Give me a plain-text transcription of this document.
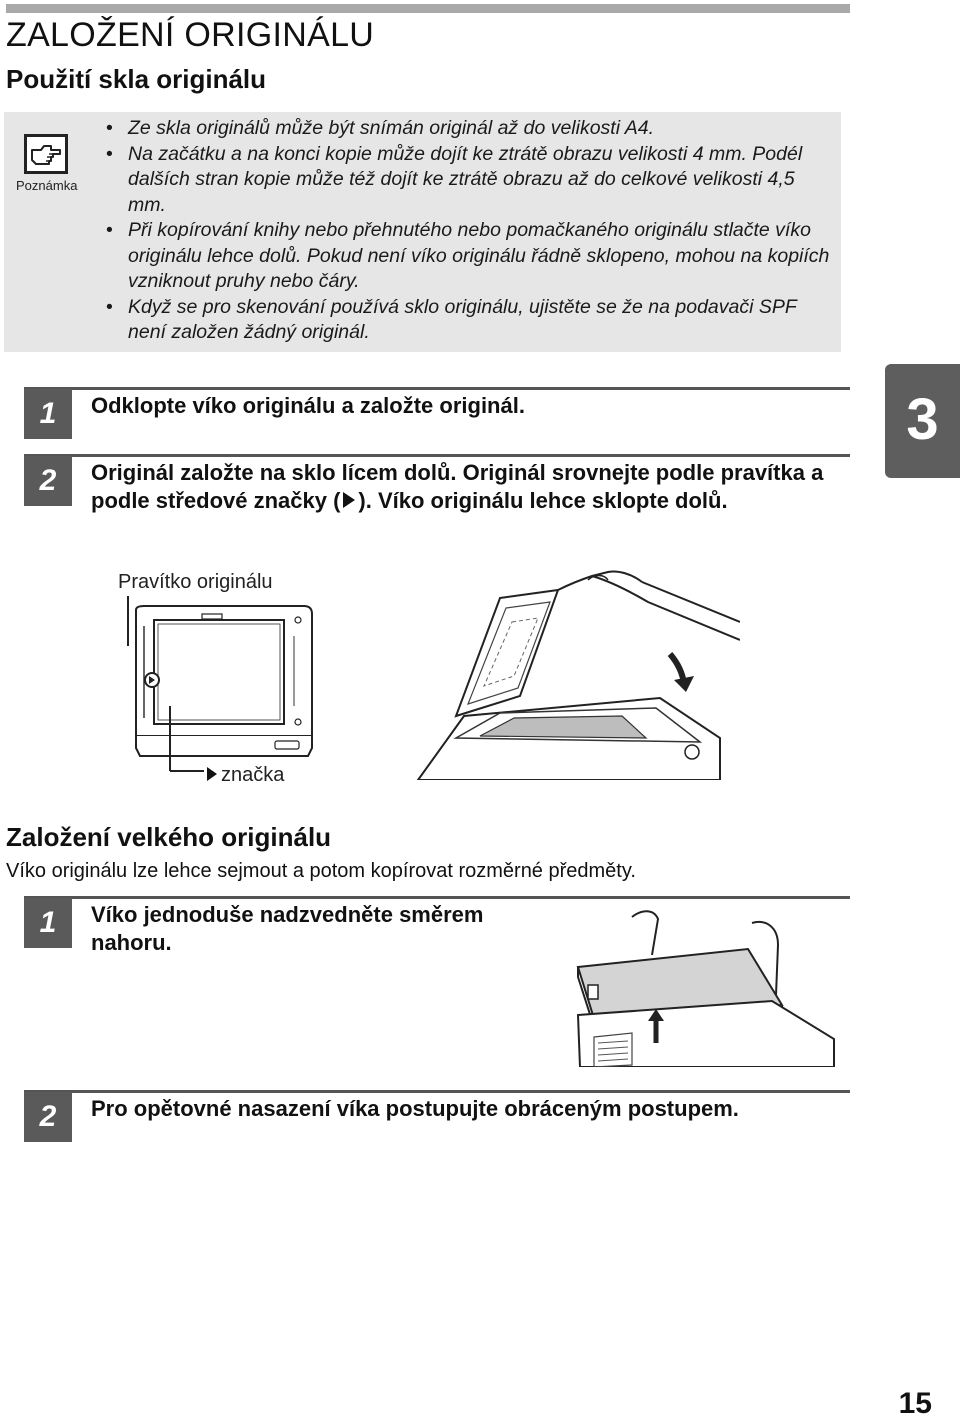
ZALOŽENÍ ORIGINÁLU
Použití skla originálu
Poznámka
• Ze skla originálů může být snímán originál až do velikosti A4.
• Na začátku a na konci kopie může dojít ke ztrátě obrazu velikosti 4 mm. Podél dalších stran kopie může též dojít ke ztrátě obrazu až do celkové velikosti 4,5 mm.
• Při kopírování knihy nebo přehnutého nebo pomačkaného originálu stlačte víko originálu lehce dolů. Pokud není víko originálu řádně sklopeno, mohou na kopiích vzniknout pruhy nebo čáry.
• Když se pro skenování používá sklo originálu, ujistěte se že na podavači SPF není založen žádný originál.
3
1	Odklopte víko originálu a založte originál.
2	Originál založte na sklo lícem dolů. Originál srovnejte podle pravítka a podle středové značky ( ). Víko originálu lehce sklopte dolů.
Pravítko originálu
značka
Založení velkého originálu
Víko originálu lze lehce sejmout a potom kopírovat rozměrné předměty.
1	Víko jednoduše nadzvedněte směrem nahoru.
2	Pro opětovné nasazení víka postupujte obráceným postupem.
15
